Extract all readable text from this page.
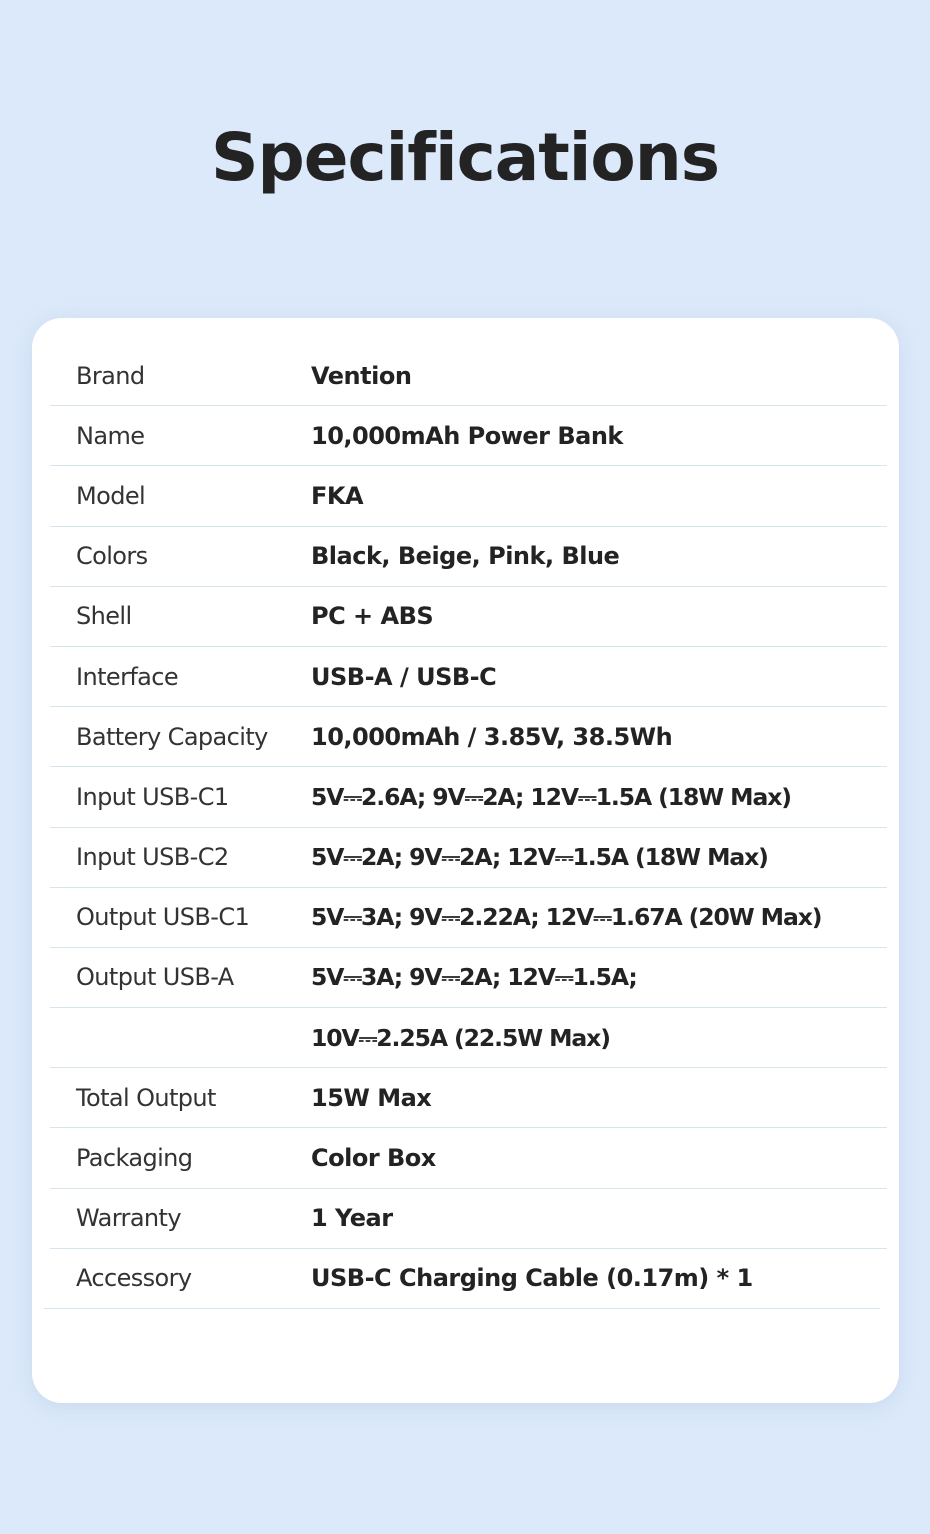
Specifications
Brand	Vention
Name	10,000mAh Power Bank
Model	FKA
Colors	Black, Beige, Pink, Blue
Shell	PC + ABS
Interface	USB-A / USB-C
Battery Capacity	10,000mAh / 3.85V, 38.5Wh
Input USB-C1	5V⎓2.6A; 9V⎓2A; 12V⎓1.5A (18W Max)
Input USB-C2	5V⎓2A; 9V⎓2A; 12V⎓1.5A (18W Max)
Output USB-C1	5V⎓3A; 9V⎓2.22A; 12V⎓1.67A (20W Max)
Output USB-A	5V⎓3A; 9V⎓2A; 12V⎓1.5A;
10V⎓2.25A (22.5W Max)
Total Output	15W Max
Packaging	Color Box
Warranty	1 Year
Accessory	USB-C Charging Cable (0.17m) * 1
